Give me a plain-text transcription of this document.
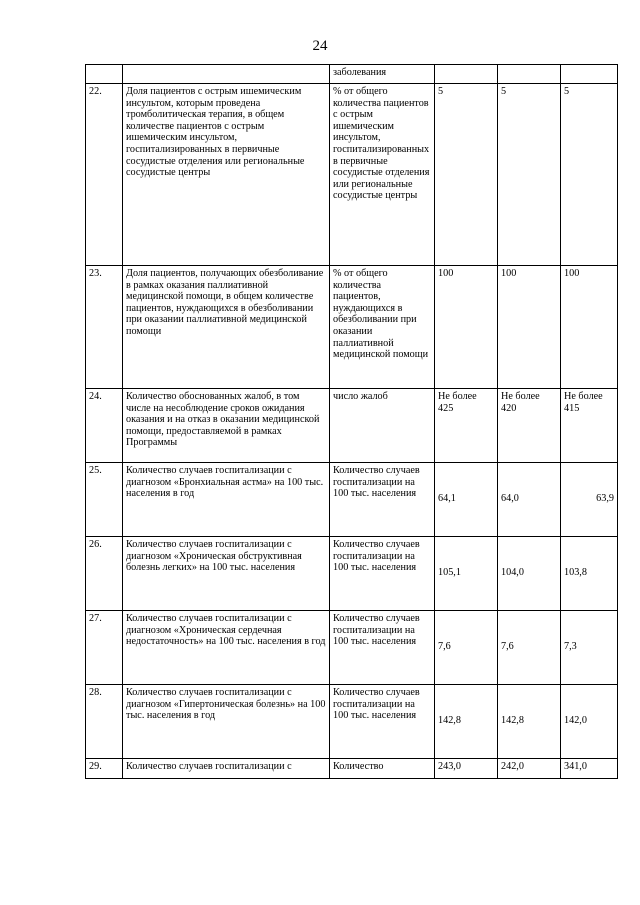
24
		заболевания			
22.	Доля пациентов с острым ишемическим инсультом, которым проведена тромболитическая терапия, в общем количестве пациентов с острым ишемическим инсультом, госпитализированных в первичные сосудистые отделения или региональные сосудистые центры	% от общего количества пациентов с острым ишемическим инсультом, госпитализированных в первичные сосудистые отделения или региональные сосудистые центры	5	5	5
23.	Доля пациентов, получающих обезболивание в рамках оказания паллиативной медицинской помощи, в общем количестве пациентов, нуждающихся в обезболивании при оказании паллиативной медицинской помощи	% от общего количества пациентов, нуждающихся в обезболивании при оказании паллиативной медицинской помощи	100	100	100
24.	Количество обоснованных жалоб, в том числе на несоблюдение сроков ожидания оказания и на отказ в оказании медицинской помощи, предоставляемой в рамках Программы	число жалоб	Не более 425	Не более 420	Не более 415
25.	Количество случаев госпитализации с диагнозом «Бронхиальная астма» на 100 тыс. населения в год	Количество случаев госпитализации на 100 тыс. населения	64,1	64,0	63,9
26.	Количество случаев госпитализации с диагнозом «Хроническая обструктивная болезнь легких» на 100 тыс. населения	Количество случаев госпитализации на 100 тыс. населения	105,1	104,0	103,8
27.	Количество случаев госпитализации с диагнозом «Хроническая сердечная недостаточность» на 100 тыс. населения в год	Количество случаев госпитализации на 100 тыс. населения	7,6	7,6	7,3
28.	Количество случаев госпитализации с диагнозом «Гипертоническая болезнь» на 100 тыс. населения в год	Количество случаев госпитализации на 100 тыс. населения	142,8	142,8	142,0
29.	Количество случаев госпитализации с	Количество	243,0	242,0	341,0
